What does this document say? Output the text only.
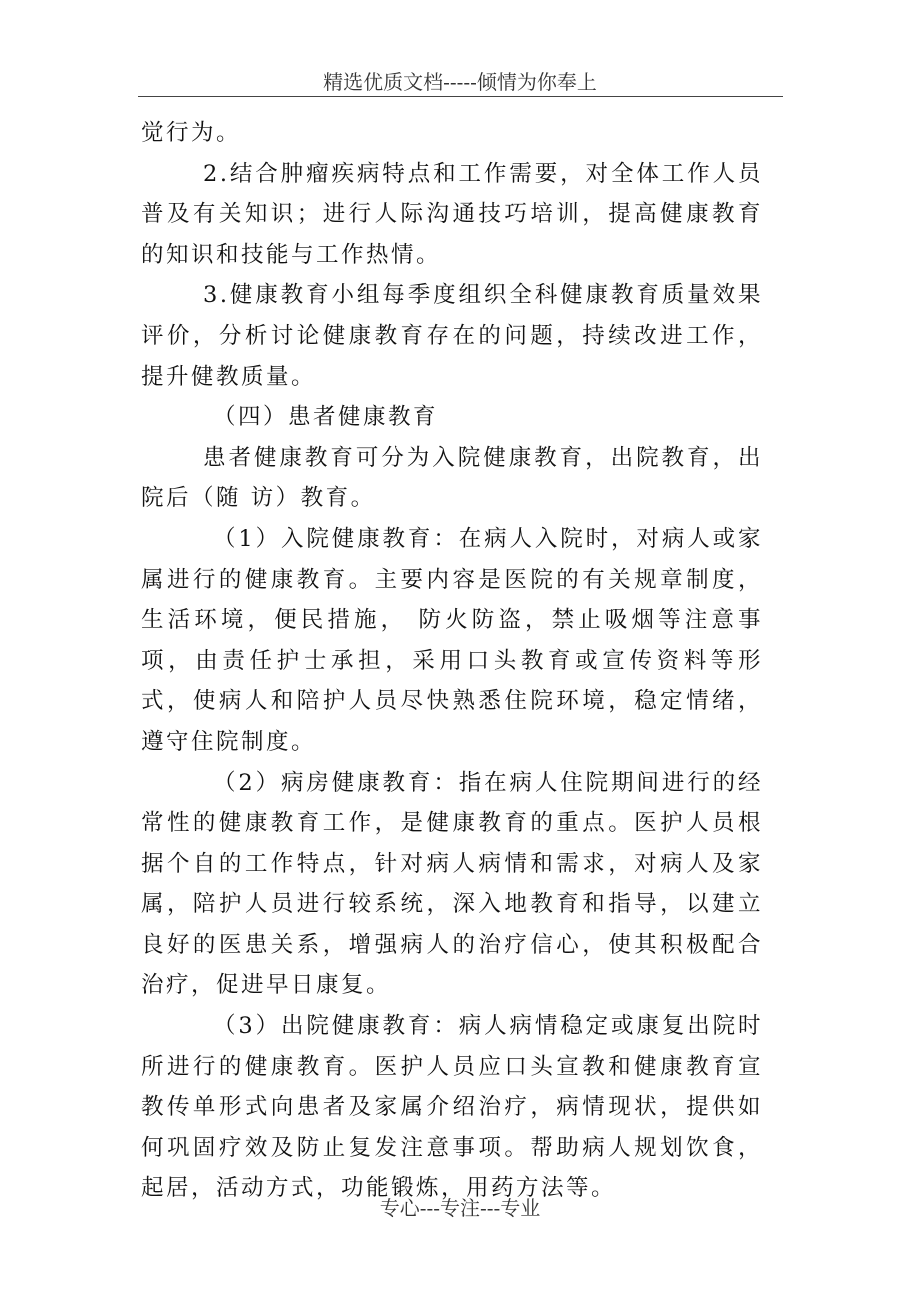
精选优质文档-----倾情为你奉上

觉行为。

2.结合肿瘤疾病特点和工作需要，对全体工作人员普及有关知识；进行人际沟通技巧培训，提高健康教育的知识和技能与工作热情。

3.健康教育小组每季度组织全科健康教育质量效果评价，分析讨论健康教育存在的问题，持续改进工作，提升健教质量。

（四）患者健康教育

患者健康教育可分为入院健康教育，出院教育，出院后（随 访）教育。

（1）入院健康教育：在病人入院时，对病人或家属进行的健康教育。主要内容是医院的有关规章制度，生活环境，便民措施， 防火防盗，禁止吸烟等注意事项，由责任护士承担，采用口头教育或宣传资料等形式，使病人和陪护人员尽快熟悉住院环境，稳定情绪，遵守住院制度。

（2）病房健康教育：指在病人住院期间进行的经常性的健康教育工作，是健康教育的重点。医护人员根据个自的工作特点，针对病人病情和需求，对病人及家属，陪护人员进行较系统，深入地教育和指导，以建立良好的医患关系，增强病人的治疗信心，使其积极配合治疗，促进早日康复。

（3）出院健康教育：病人病情稳定或康复出院时所进行的健康教育。医护人员应口头宣教和健康教育宣教传单形式向患者及家属介绍治疗，病情现状，提供如何巩固疗效及防止复发注意事项。帮助病人规划饮食，起居，活动方式，功能锻炼，用药方法等。

专心---专注---专业
